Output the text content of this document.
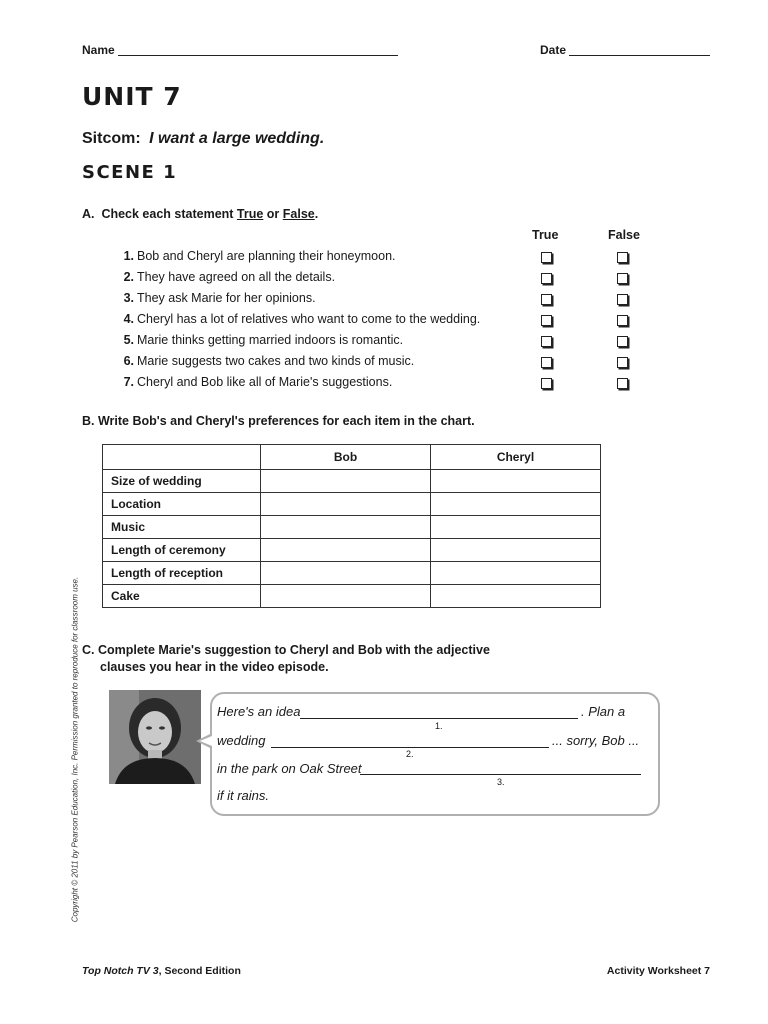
Name	Date
UNIT 7
Sitcom: I want a large wedding.
SCENE 1
A.  Check each statement True or False.
True	False
1. Bob and Cheryl are planning their honeymoon.
2. They have agreed on all the details.
3. They ask Marie for her opinions.
4. Cheryl has a lot of relatives who want to come to the wedding.
5. Marie thinks getting married indoors is romantic.
6. Marie suggests two cakes and two kinds of music.
7. Cheryl and Bob like all of Marie's suggestions.
B. Write Bob's and Cheryl's preferences for each item in the chart.
	Bob	Cheryl
Size of wedding		
Location		
Music		
Length of ceremony		
Length of reception		
Cake		
C. Complete Marie's suggestion to Cheryl and Bob with the adjective
clauses you hear in the video episode.
Here's an idea	. Plan a
1.
wedding	... sorry, Bob ...
2.
in the park on Oak Street
3.
if it rains.
Copyright © 2011 by Pearson Education, Inc. Permission granted to reproduce for classroom use.
Top Notch TV 3, Second Edition	Activity Worksheet 7
